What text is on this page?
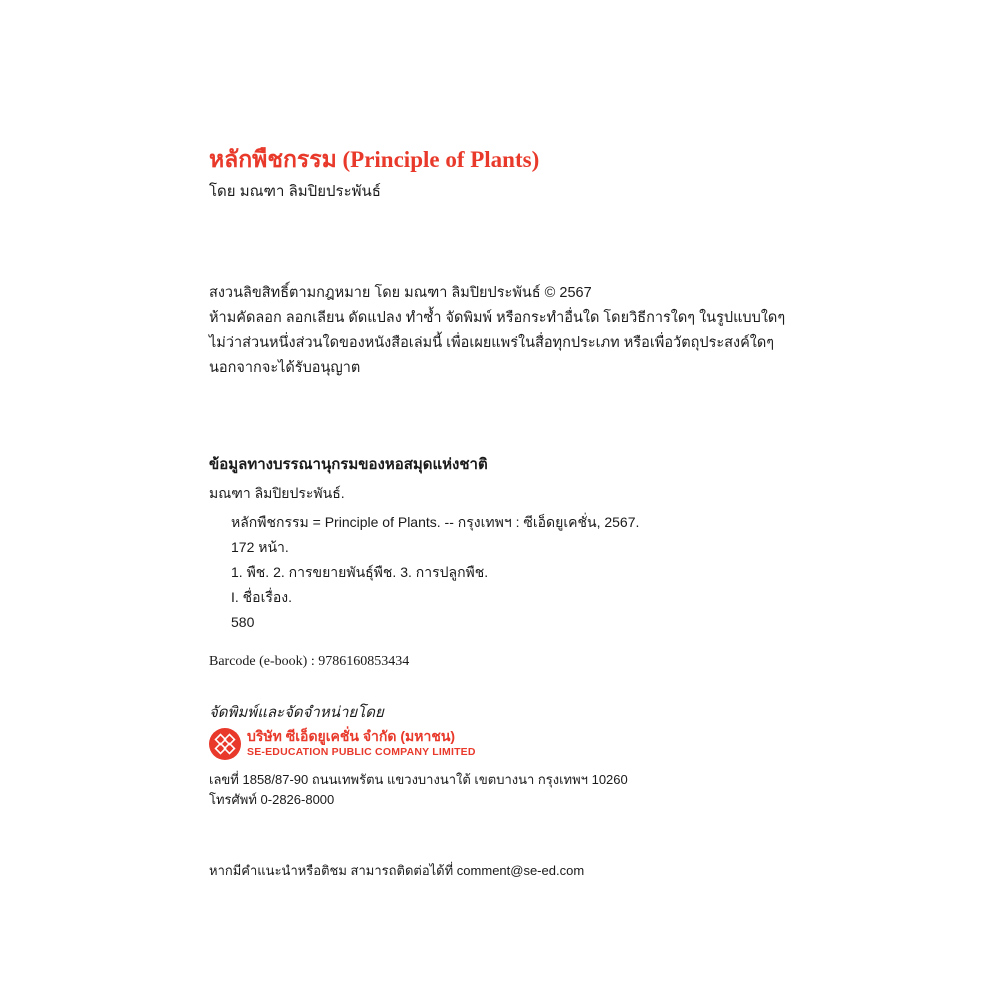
หลักพืชกรรม (Principle of Plants)
โดย มณฑา ลิมปิยประพันธ์
สงวนลิขสิทธิ์ตามกฎหมาย โดย มณฑา ลิมปิยประพันธ์ © 2567
ห้ามคัดลอก ลอกเลียน ดัดแปลง ทำซ้ำ จัดพิมพ์ หรือกระทำอื่นใด โดยวิธีการใดๆ ในรูปแบบใดๆ
ไม่ว่าส่วนหนึ่งส่วนใดของหนังสือเล่มนี้ เพื่อเผยแพร่ในสื่อทุกประเภท หรือเพื่อวัตถุประสงค์ใดๆ
นอกจากจะได้รับอนุญาต
ข้อมูลทางบรรณานุกรมของหอสมุดแห่งชาติ
มณฑา ลิมปิยประพันธ์.
หลักพืชกรรม = Principle of Plants. -- กรุงเทพฯ : ซีเอ็ดยูเคชั่น, 2567.
172 หน้า.
1. พืช. 2. การขยายพันธุ์พืช. 3. การปลูกพืช.
I. ชื่อเรื่อง.
580
Barcode (e-book) : 9786160853434
จัดพิมพ์และจัดจำหน่ายโดย
บริษัท ซีเอ็ดยูเคชั่น จำกัด (มหาชน)
SE-EDUCATION PUBLIC COMPANY LIMITED
เลขที่ 1858/87-90 ถนนเทพรัตน แขวงบางนาใต้ เขตบางนา กรุงเทพฯ 10260
โทรศัพท์ 0-2826-8000
หากมีคำแนะนำหรือติชม สามารถติดต่อได้ที่ comment@se-ed.com
